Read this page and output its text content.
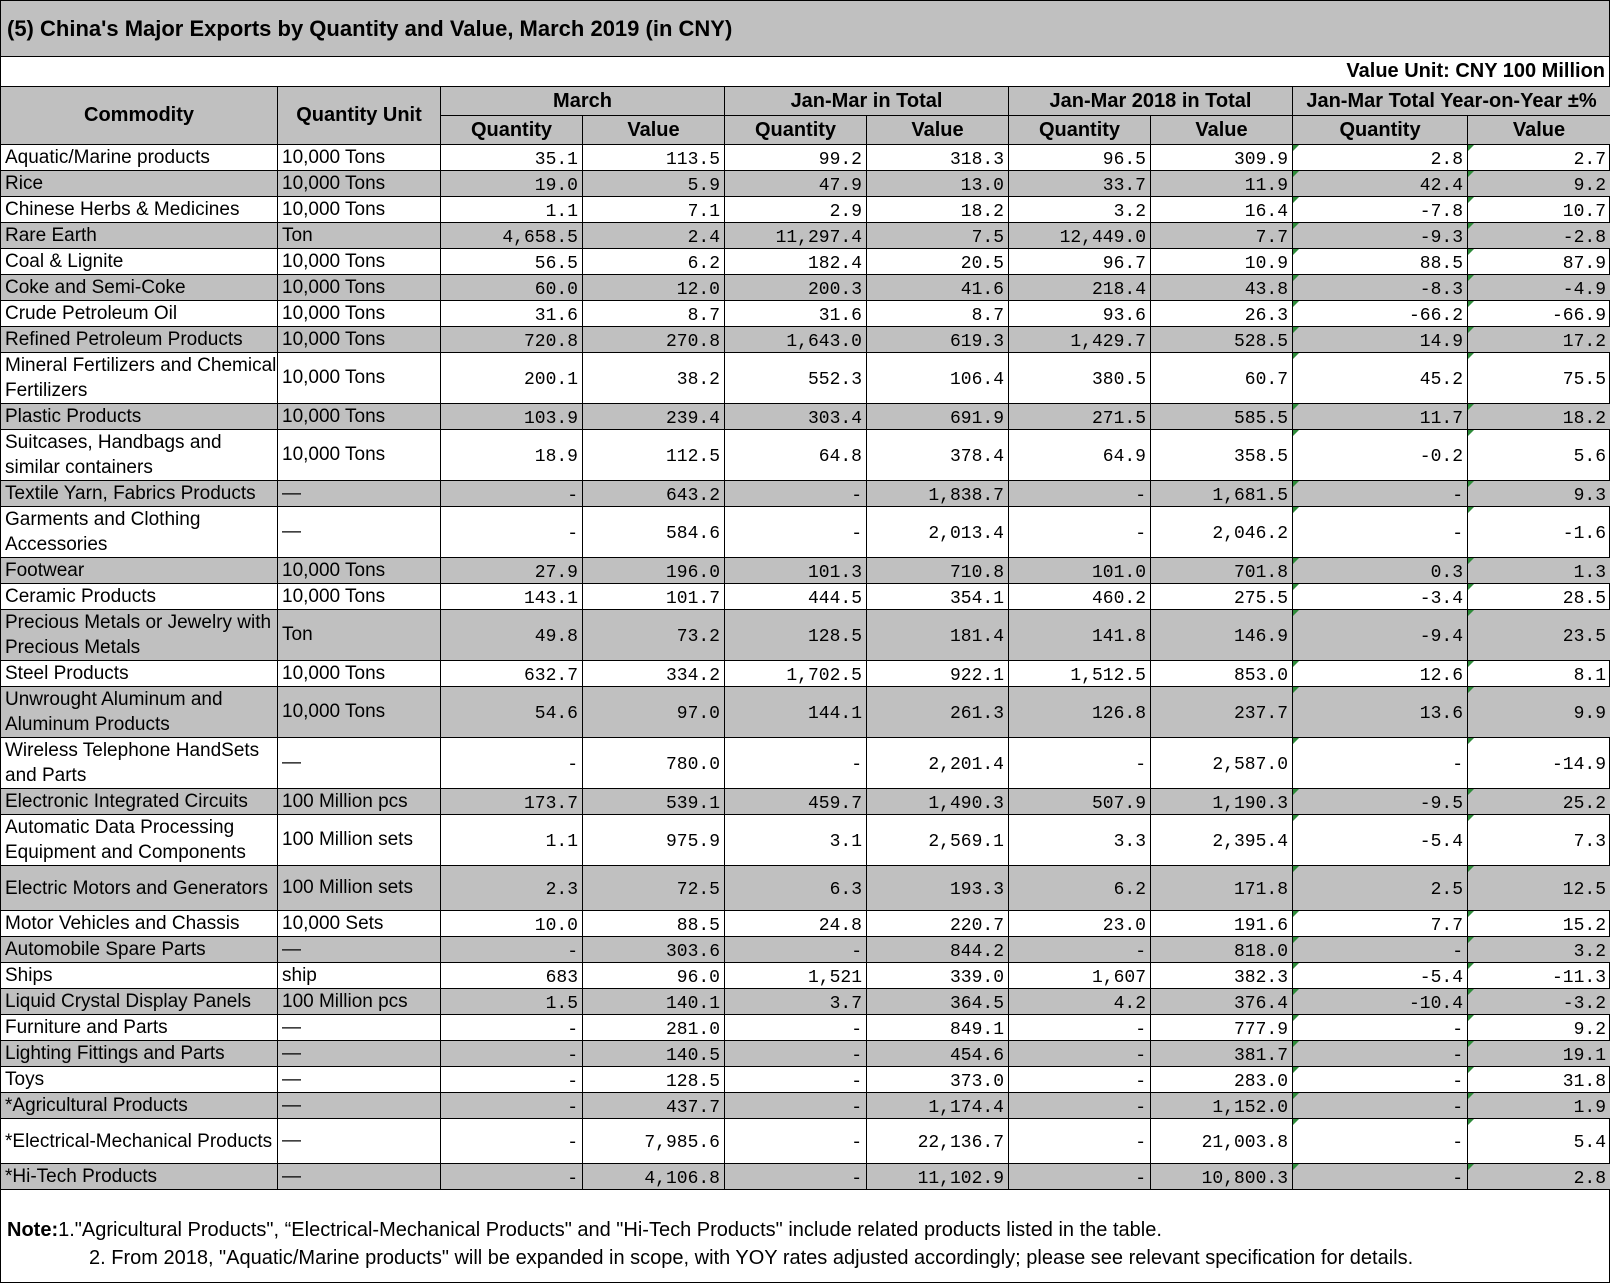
(5) China's Major Exports by Quantity and Value, March 2019 (in CNY)
Value Unit: CNY 100 Million
Commodity	Quantity Unit	March		Jan-Mar in Total		Jan-Mar 2018 in Total		Jan-Mar Total Year-on-Year ±%	
		Quantity	Value	Quantity	Value	Quantity	Value	Quantity	Value
Aquatic/Marine products	10,000 Tons	35.1	113.5	99.2	318.3	96.5	309.9	2.8	2.7
Rice	10,000 Tons	19.0	5.9	47.9	13.0	33.7	11.9	42.4	9.2
Chinese Herbs & Medicines	10,000 Tons	1.1	7.1	2.9	18.2	3.2	16.4	-7.8	10.7
Rare Earth	Ton	4,658.5	2.4	11,297.4	7.5	12,449.0	7.7	-9.3	-2.8
Coal & Lignite	10,000 Tons	56.5	6.2	182.4	20.5	96.7	10.9	88.5	87.9
Coke and Semi-Coke	10,000 Tons	60.0	12.0	200.3	41.6	218.4	43.8	-8.3	-4.9
Crude Petroleum Oil	10,000 Tons	31.6	8.7	31.6	8.7	93.6	26.3	-66.2	-66.9
Refined Petroleum Products	10,000 Tons	720.8	270.8	1,643.0	619.3	1,429.7	528.5	14.9	17.2
Mineral Fertilizers and Chemical Fertilizers	10,000 Tons	200.1	38.2	552.3	106.4	380.5	60.7	45.2	75.5
Plastic Products	10,000 Tons	103.9	239.4	303.4	691.9	271.5	585.5	11.7	18.2
Suitcases, Handbags and similar containers	10,000 Tons	18.9	112.5	64.8	378.4	64.9	358.5	-0.2	5.6
Textile Yarn, Fabrics Products	—	-	643.2	-	1,838.7	-	1,681.5	-	9.3
Garments and Clothing Accessories	—	-	584.6	-	2,013.4	-	2,046.2	-	-1.6
Footwear	10,000 Tons	27.9	196.0	101.3	710.8	101.0	701.8	0.3	1.3
Ceramic Products	10,000 Tons	143.1	101.7	444.5	354.1	460.2	275.5	-3.4	28.5
Precious Metals or Jewelry with Precious Metals	Ton	49.8	73.2	128.5	181.4	141.8	146.9	-9.4	23.5
Steel Products	10,000 Tons	632.7	334.2	1,702.5	922.1	1,512.5	853.0	12.6	8.1
Unwrought Aluminum and Aluminum Products	10,000 Tons	54.6	97.0	144.1	261.3	126.8	237.7	13.6	9.9
Wireless Telephone HandSets and Parts	—	-	780.0	-	2,201.4	-	2,587.0	-	-14.9
Electronic Integrated Circuits	100 Million pcs	173.7	539.1	459.7	1,490.3	507.9	1,190.3	-9.5	25.2
Automatic Data Processing Equipment and Components	100 Million sets	1.1	975.9	3.1	2,569.1	3.3	2,395.4	-5.4	7.3
Electric Motors and Generators	100 Million sets	2.3	72.5	6.3	193.3	6.2	171.8	2.5	12.5
Motor Vehicles and Chassis	10,000 Sets	10.0	88.5	24.8	220.7	23.0	191.6	7.7	15.2
Automobile Spare Parts	—	-	303.6	-	844.2	-	818.0	-	3.2
Ships	ship	683	96.0	1,521	339.0	1,607	382.3	-5.4	-11.3
Liquid Crystal Display Panels	100 Million pcs	1.5	140.1	3.7	364.5	4.2	376.4	-10.4	-3.2
Furniture and Parts	—	-	281.0	-	849.1	-	777.9	-	9.2
Lighting Fittings and Parts	—	-	140.5	-	454.6	-	381.7	-	19.1
Toys	—	-	128.5	-	373.0	-	283.0	-	31.8
*Agricultural Products	—	-	437.7	-	1,174.4	-	1,152.0	-	1.9
*Electrical-Mechanical Products	—	-	7,985.6	-	22,136.7	-	21,003.8	-	5.4
*Hi-Tech Products	—	-	4,106.8	-	11,102.9	-	10,800.3	-	2.8
Note:1."Agricultural Products", “Electrical-Mechanical Products" and "Hi-Tech Products" include related products listed in the table.
2. From 2018, "Aquatic/Marine products" will be expanded in scope, with YOY rates adjusted accordingly; please see relevant specification for details.
